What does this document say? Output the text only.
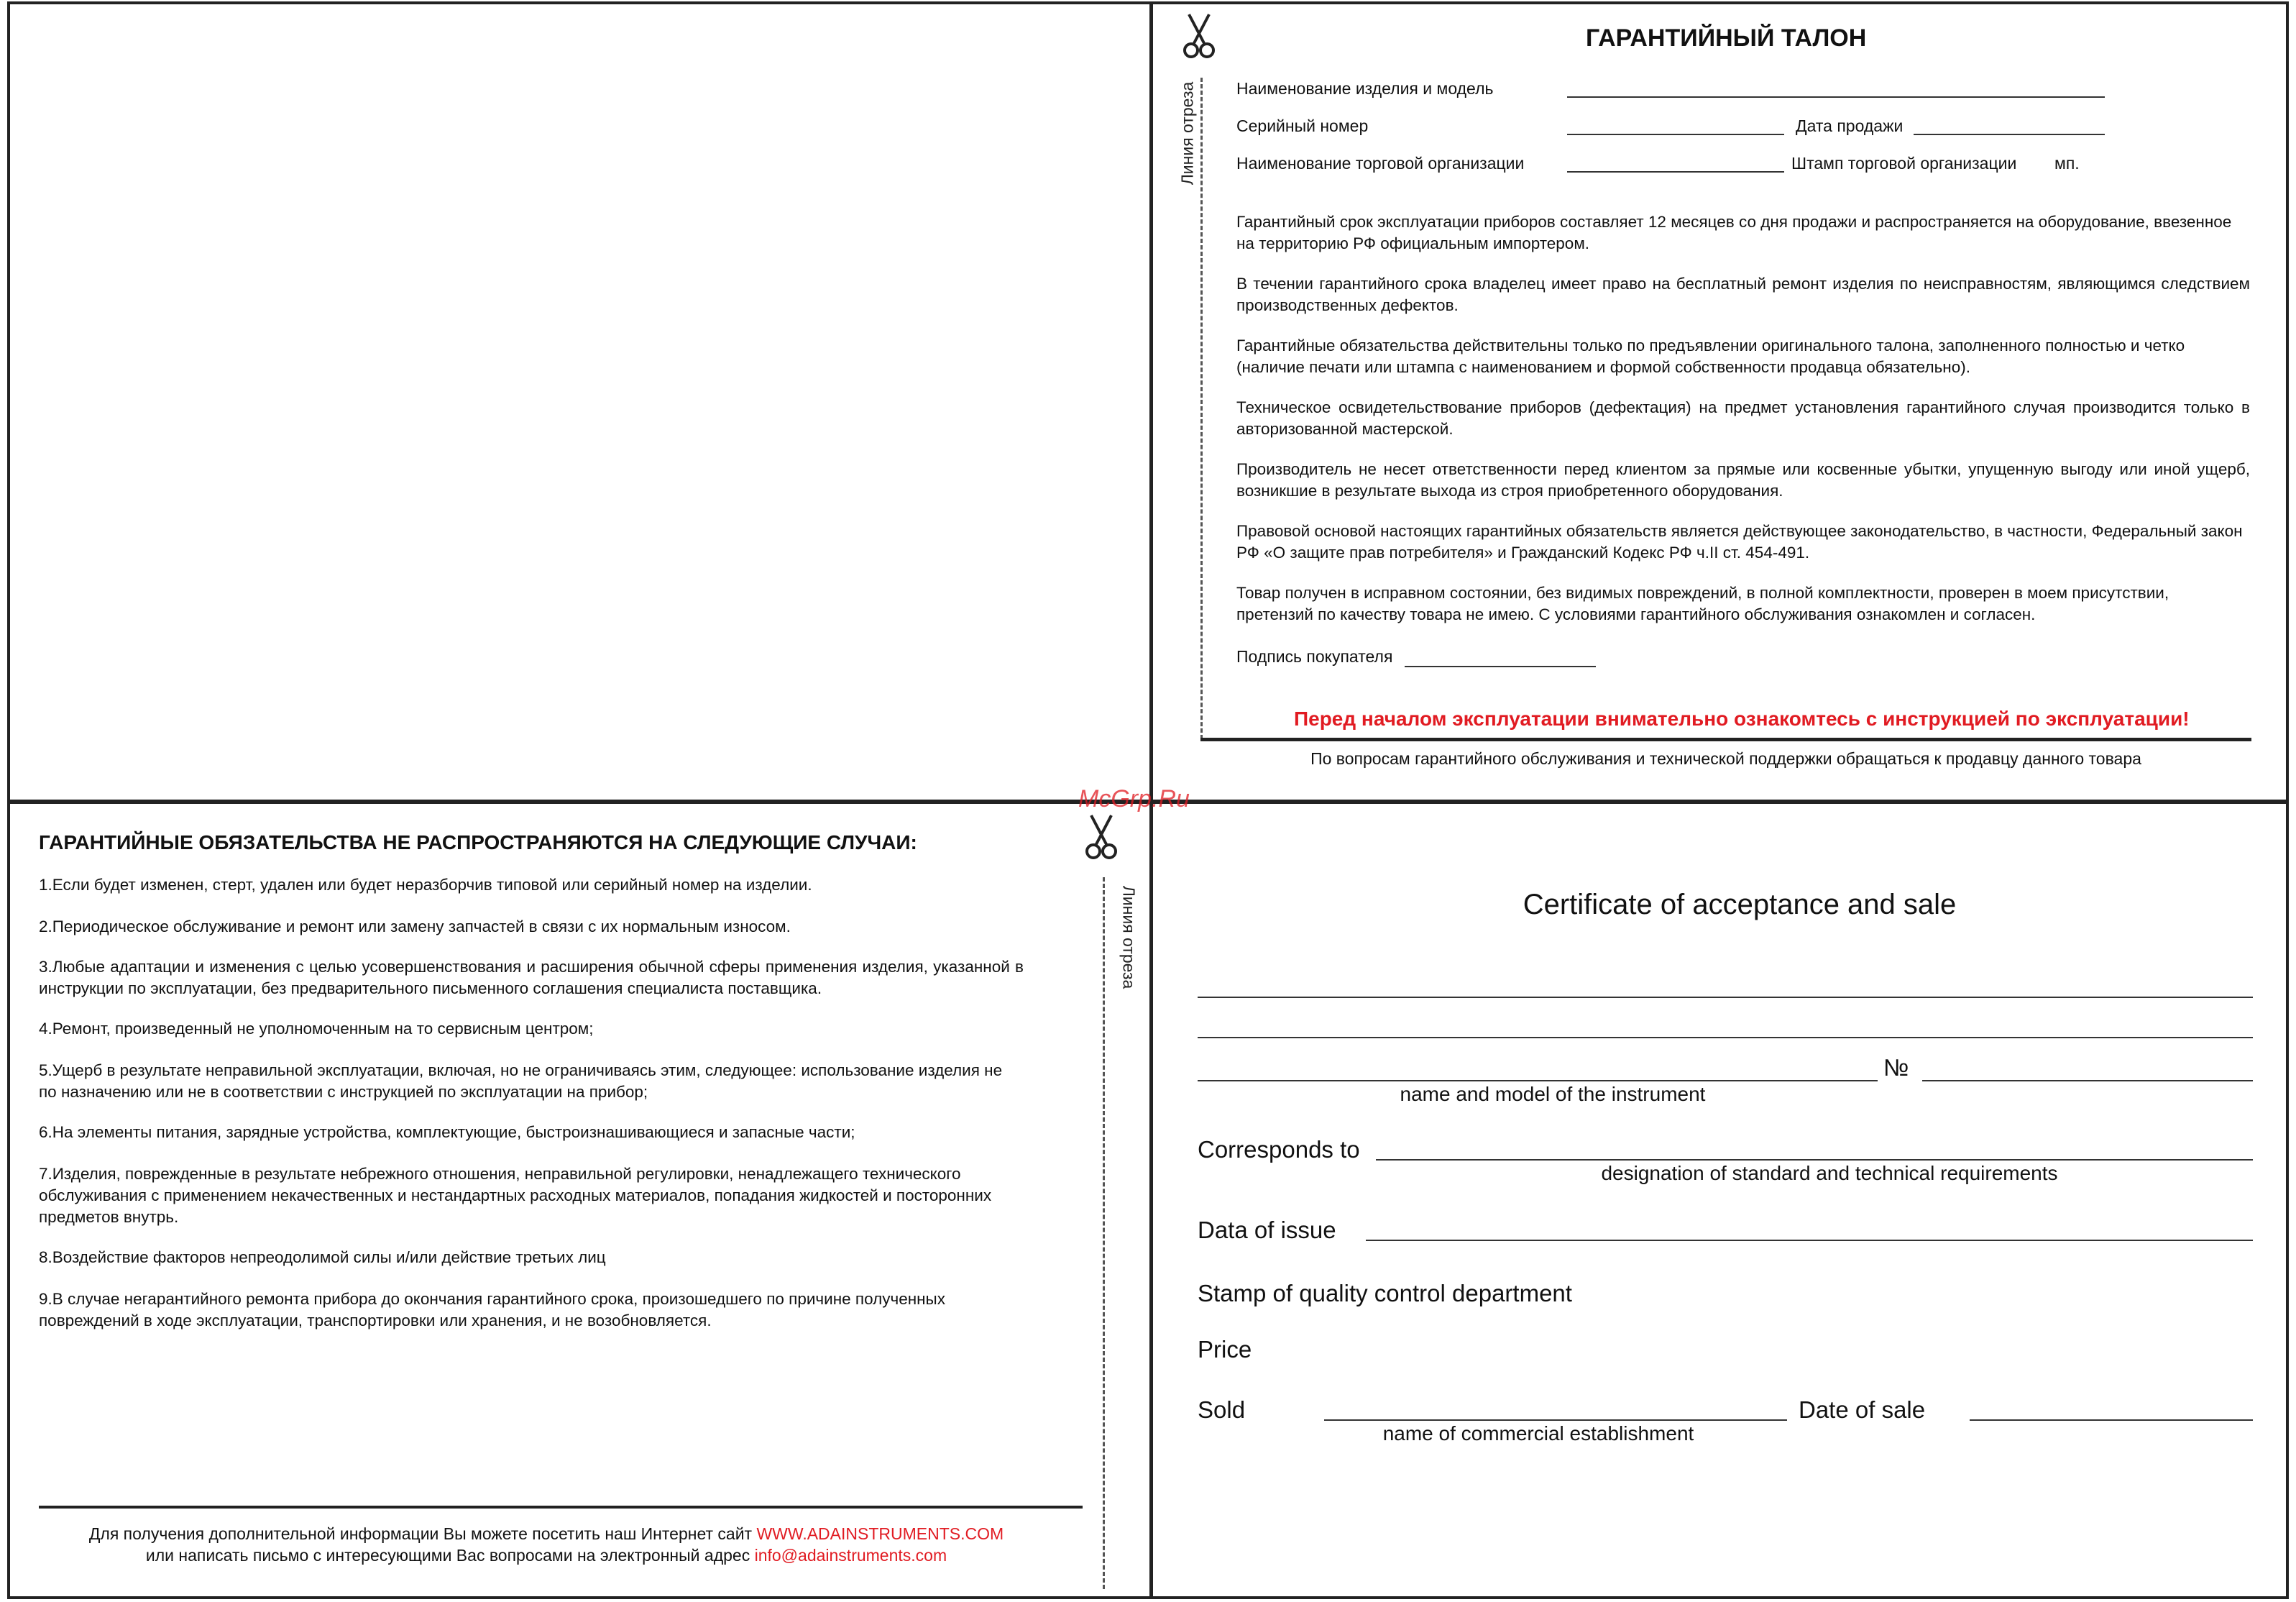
Линия отреза
ГАРАНТИЙНЫЙ ТАЛОН
Наименование изделия и модель
Серийный номер	Дата продажи
Наименование торговой организации	Штамп торговой организации мп.
Гарантийный срок эксплуатации приборов составляет 12 месяцев со дня продажи и распространяется на оборудование, ввезенное на территорию РФ официальным импортером.
В течении гарантийного срока владелец имеет право на бесплатный ремонт изделия по неисправностям, являющимся следствием производственных дефектов.
Гарантийные обязательства действительны только по предъявлении оригинального талона, заполненного полностью и четко (наличие печати или штампа с наименованием и формой собственности продавца обязательно).
Техническое освидетельствование приборов (дефектация) на предмет установления гарантийного случая производится только в авторизованной мастерской.
Производитель не несет ответственности перед клиентом за прямые или косвенные убытки, упущенную выгоду или иной ущерб, возникшие в результате выхода из строя приобретенного оборудования.
Правовой основой настоящих гарантийных обязательств является действующее законодательство, в частности, Федеральный закон РФ «О защите прав потребителя» и Гражданский Кодекс РФ ч.II ст. 454-491.
Товар получен в исправном состоянии, без видимых повреждений, в полной комплектности, проверен в моем присутствии, претензий по качеству товара не имею. С условиями гарантийного обслуживания ознакомлен и согласен.
Подпись покупателя
Перед началом эксплуатации внимательно ознакомтесь с инструкцией по эксплуатации!
По вопросам гарантийного обслуживания и технической поддержки обращаться к продавцу данного товара
McGrp.Ru
ГАРАНТИЙНЫЕ ОБЯЗАТЕЛЬСТВА НЕ РАСПРОСТРАНЯЮТСЯ НА СЛЕДУЮЩИЕ СЛУЧАИ:
1.Если будет изменен, стерт, удален или будет неразборчив типовой или серийный номер на изделии.
2.Периодическое обслуживание и ремонт или замену запчастей в связи с их нормальным износом.
3.Любые адаптации и изменения с целью усовершенствования и расширения обычной сферы применения изделия, указанной в инструкции по эксплуатации, без предварительного письменного соглашения специалиста поставщика.
4.Ремонт, произведенный не уполномоченным на то сервисным центром;
5.Ущерб в результате неправильной эксплуатации, включая, но не ограничиваясь этим, следующее: использование изделия не по назначению или не в соответствии с инструкцией по эксплуатации на прибор;
6.На элементы питания, зарядные устройства, комплектующие, быстроизнашивающиеся и запасные части;
7.Изделия, поврежденные в результате небрежного отношения, неправильной регулировки, ненадлежащего технического обслуживания с применением некачественных и нестандартных расходных материалов, попадания жидкостей и посторонних предметов внутрь.
8.Воздействие факторов непреодолимой силы и/или действие третьих лиц
9.В случае негарантийного ремонта прибора до окончания гарантийного срока, произошедшего по причине полученных повреждений в ходе эксплуатации, транспортировки или хранения, и не возобновляется.
Линия отреза
Для получения дополнительной информации Вы можете посетить наш Интернет сайт WWW.ADAINSTRUMENTS.COM
или написать письмо с интересующими Вас вопросами на электронный адрес info@adainstruments.com
Certificate of acceptance and sale
№
name and model of the instrument
Corresponds to
designation of standard and technical requirements
Data of issue
Stamp of quality control department
Price
Sold	Date of sale
name of commercial establishment
